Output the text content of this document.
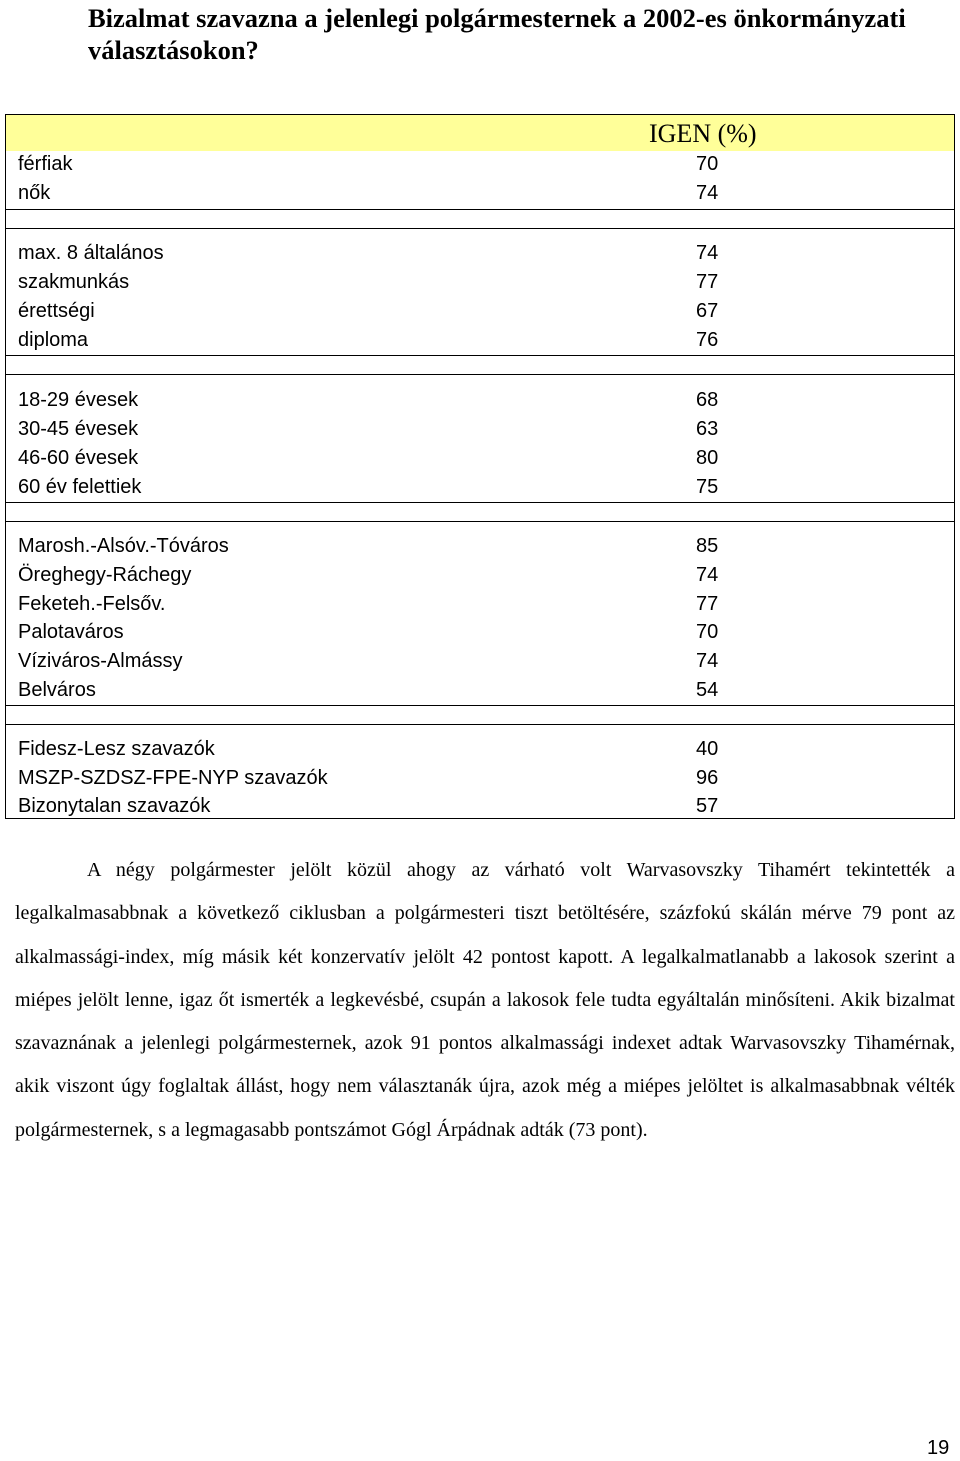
Bizalmat szavazna a jelenlegi polgármesternek a 2002-es önkormányzati választásokon?
IGEN (%)
férfiak	70
nők	74
max. 8 általános	74
szakmunkás	77
érettségi	67
diploma	76
18-29 évesek	68
30-45 évesek	63
46-60 évesek	80
60 év felettiek	75
Marosh.-Alsóv.-Tóváros	85
Öreghegy-Ráchegy	74
Feketeh.-Felsőv.	77
Palotaváros	70
Víziváros-Almássy	74
Belváros	54
Fidesz-Lesz szavazók	40
MSZP-SZDSZ-FPE-NYP szavazók	96
Bizonytalan szavazók	57

A négy polgármester jelölt közül ahogy az várható volt Warvasovszky Tihamért tekintették a legalkalmasabbnak a következő ciklusban a polgármesteri tiszt betöltésére, százfokú skálán mérve 79 pont az alkalmassági-index, míg másik két konzervatív jelölt 42 pontost kapott. A legalkalmatlanabb a lakosok szerint a miépes jelölt lenne, igaz őt ismerték a legkevésbé, csupán a lakosok fele tudta egyáltalán minősíteni. Akik bizalmat szavaznának a jelenlegi polgármesternek, azok 91 pontos alkalmassági indexet adtak Warvasovszky Tihamérnak, akik viszont úgy foglaltak állást, hogy nem választanák újra, azok még a miépes jelöltet is alkalmasabbnak vélték polgármesternek, s a legmagasabb pontszámot Gógl Árpádnak adták (73 pont).

19
